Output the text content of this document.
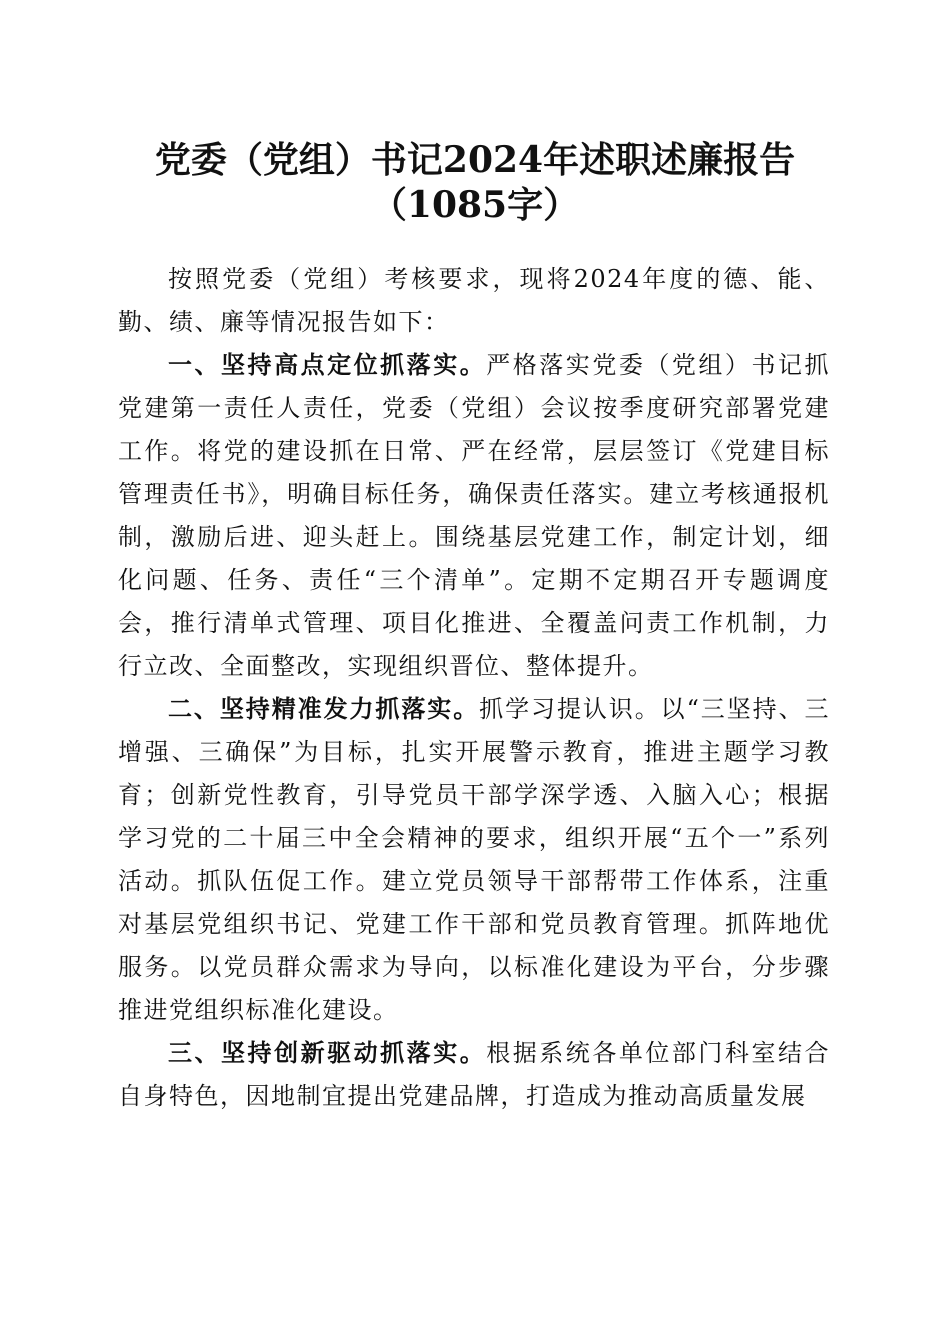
党委（党组）书记2024年述职述廉报告
（1085字）

按照党委（党组）考核要求，现将2024年度的德、能、勤、绩、廉等情况报告如下：

一、坚持高点定位抓落实。严格落实党委（党组）书记抓党建第一责任人责任，党委（党组）会议按季度研究部署党建工作。将党的建设抓在日常、严在经常，层层签订《党建目标管理责任书》，明确目标任务，确保责任落实。建立考核通报机制，激励后进、迎头赶上。围绕基层党建工作，制定计划，细化问题、任务、责任“三个清单”。定期不定期召开专题调度会，推行清单式管理、项目化推进、全覆盖问责工作机制，力行立改、全面整改，实现组织晋位、整体提升。

二、坚持精准发力抓落实。抓学习提认识。以“三坚持、三增强、三确保”为目标，扎实开展警示教育，推进主题学习教育；创新党性教育，引导党员干部学深学透、入脑入心；根据学习党的二十届三中全会精神的要求，组织开展“五个一”系列活动。抓队伍促工作。建立党员领导干部帮带工作体系，注重对基层党组织书记、党建工作干部和党员教育管理。抓阵地优服务。以党员群众需求为导向，以标准化建设为平台，分步骤推进党组织标准化建设。

三、坚持创新驱动抓落实。根据系统各单位部门科室结合自身特色，因地制宜提出党建品牌，打造成为推动高质量发展
